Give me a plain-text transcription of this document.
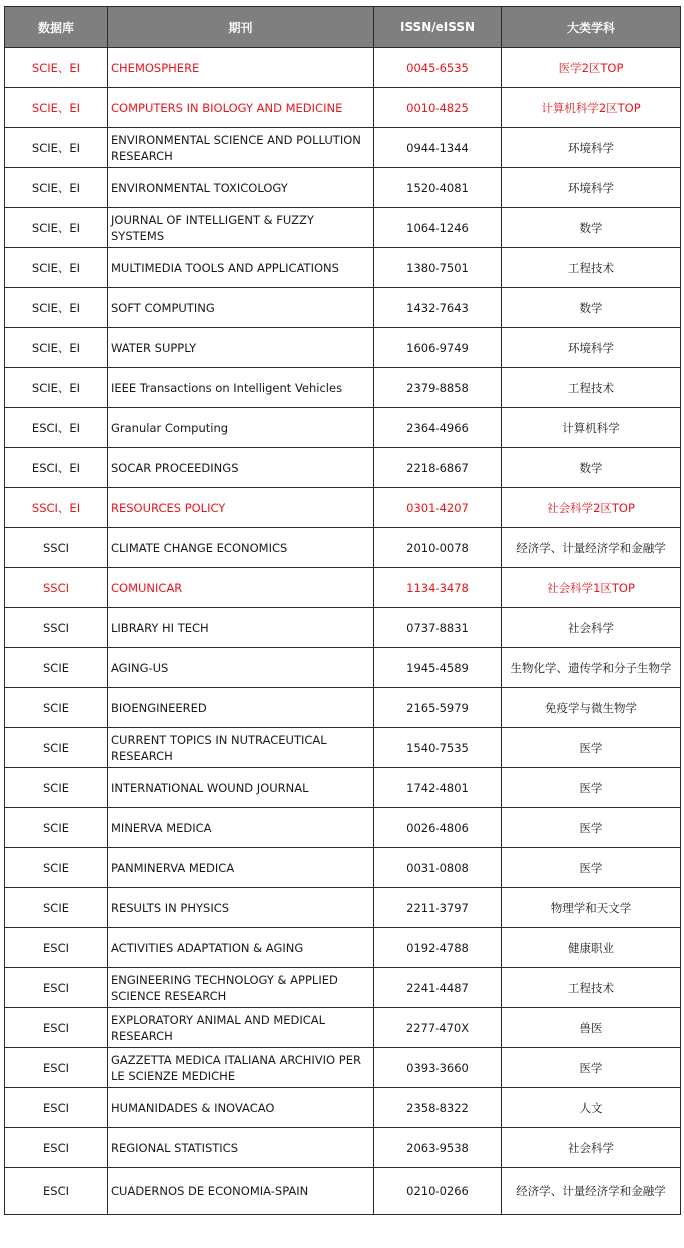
数据库	期刊	ISSN/eISSN	大类学科
SCIE、EI	CHEMOSPHERE	0045-6535	医学2区TOP
SCIE、EI	COMPUTERS IN BIOLOGY AND MEDICINE	0010-4825	计算机科学2区TOP
SCIE、EI	ENVIRONMENTAL SCIENCE AND POLLUTION RESEARCH	0944-1344	环境科学
SCIE、EI	ENVIRONMENTAL TOXICOLOGY	1520-4081	环境科学
SCIE、EI	JOURNAL OF INTELLIGENT & FUZZY SYSTEMS	1064-1246	数学
SCIE、EI	MULTIMEDIA TOOLS AND APPLICATIONS	1380-7501	工程技术
SCIE、EI	SOFT COMPUTING	1432-7643	数学
SCIE、EI	WATER SUPPLY	1606-9749	环境科学
SCIE、EI	IEEE Transactions on Intelligent Vehicles	2379-8858	工程技术
ESCI、EI	Granular Computing	2364-4966	计算机科学
ESCI、EI	SOCAR PROCEEDINGS	2218-6867	数学
SSCI、EI	RESOURCES POLICY	0301-4207	社会科学2区TOP
SSCI	CLIMATE CHANGE ECONOMICS	2010-0078	经济学、计量经济学和金融学
SSCI	COMUNICAR	1134-3478	社会科学1区TOP
SSCI	LIBRARY HI TECH	0737-8831	社会科学
SCIE	AGING-US	1945-4589	生物化学、遗传学和分子生物学
SCIE	BIOENGINEERED	2165-5979	免疫学与微生物学
SCIE	CURRENT TOPICS IN NUTRACEUTICAL RESEARCH	1540-7535	医学
SCIE	INTERNATIONAL WOUND JOURNAL	1742-4801	医学
SCIE	MINERVA MEDICA	0026-4806	医学
SCIE	PANMINERVA MEDICA	0031-0808	医学
SCIE	RESULTS IN PHYSICS	2211-3797	物理学和天文学
ESCI	ACTIVITIES ADAPTATION & AGING	0192-4788	健康职业
ESCI	ENGINEERING TECHNOLOGY & APPLIED SCIENCE RESEARCH	2241-4487	工程技术
ESCI	EXPLORATORY ANIMAL AND MEDICAL RESEARCH	2277-470X	兽医
ESCI	GAZZETTA MEDICA ITALIANA ARCHIVIO PER LE SCIENZE MEDICHE	0393-3660	医学
ESCI	HUMANIDADES & INOVACAO	2358-8322	人文
ESCI	REGIONAL STATISTICS	2063-9538	社会科学
ESCI	CUADERNOS DE ECONOMIA-SPAIN	0210-0266	经济学、计量经济学和金融学
